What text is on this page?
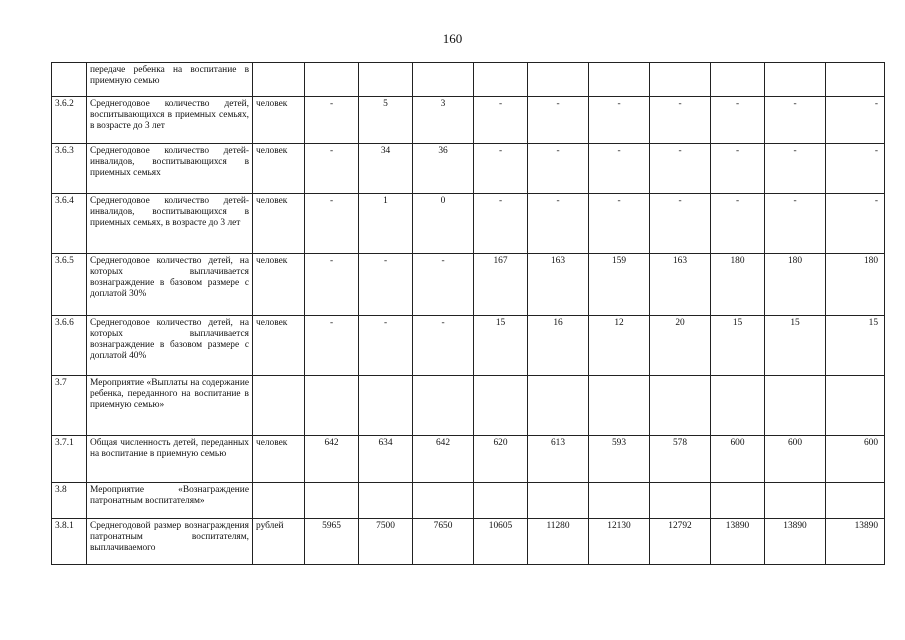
160
	передаче ребенка на воспитание в приемную семью											
3.6.2	Среднегодовое количество детей, воспитывающихся в приемных семьях, в возрасте до 3 лет	человек	-	5	3	-	-	-	-	-	-	-
3.6.3	Среднегодовое количество детей-инвалидов, воспитывающихся в приемных семьях	человек	-	34	36	-	-	-	-	-	-	-
3.6.4	Среднегодовое количество детей-инвалидов, воспитывающихся в приемных семьях, в возрасте до 3 лет	человек	-	1	0	-	-	-	-	-	-	-
3.6.5	Среднегодовое количество детей, на которых выплачивается вознаграждение в базовом размере с доплатой 30%	человек	-	-	-	167	163	159	163	180	180	180
3.6.6	Среднегодовое количество детей, на которых выплачивается вознаграждение в базовом размере с доплатой 40%	человек	-	-	-	15	16	12	20	15	15	15
3.7	Мероприятие «Выплаты на содержание ребенка, переданного на воспитание в приемную семью»											
3.7.1	Общая численность детей, переданных на воспитание в приемную семью	человек	642	634	642	620	613	593	578	600	600	600
3.8	Мероприятие «Вознаграждение патронатным воспитателям»											
3.8.1	Среднегодовой размер вознаграждения патронатным воспитателям, выплачиваемого	рублей	5965	7500	7650	10605	11280	12130	12792	13890	13890	13890
